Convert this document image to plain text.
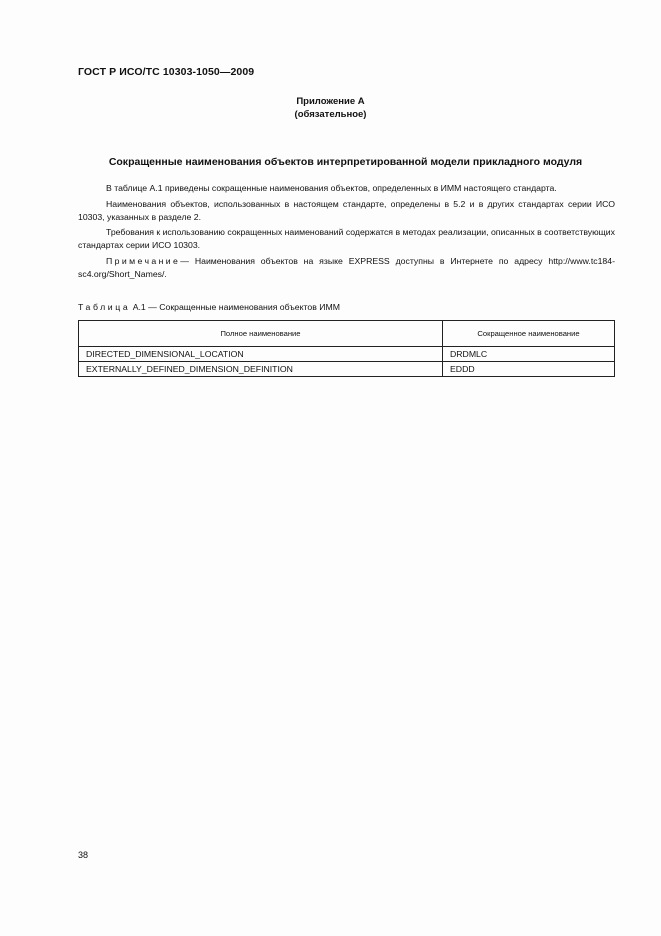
ГОСТ Р ИСО/ТС 10303-1050—2009
Приложение А
(обязательное)
Сокращенные наименования объектов интерпретированной модели прикладного модуля

В таблице А.1 приведены сокращенные наименования объектов, определенных в ИММ настоящего стандарта.

Наименования объектов, использованных в настоящем стандарте, определены в 5.2 и в других стандартах серии ИСО 10303, указанных в разделе 2.

Требования к использованию сокращенных наименований содержатся в методах реализации, описанных в соответствующих стандартах серии ИСО 10303.

Примечание— Наименования объектов на языке EXPRESS доступны в Интернете по адресу http://www.tc184-sc4.org/Short_Names/.

Таблица А.1 — Сокращенные наименования объектов ИММ
Полное наименование	Сокращенное наименование
DIRECTED_DIMENSIONAL_LOCATION	DRDMLC
EXTERNALLY_DEFINED_DIMENSION_DEFINITION	EDDD
38
